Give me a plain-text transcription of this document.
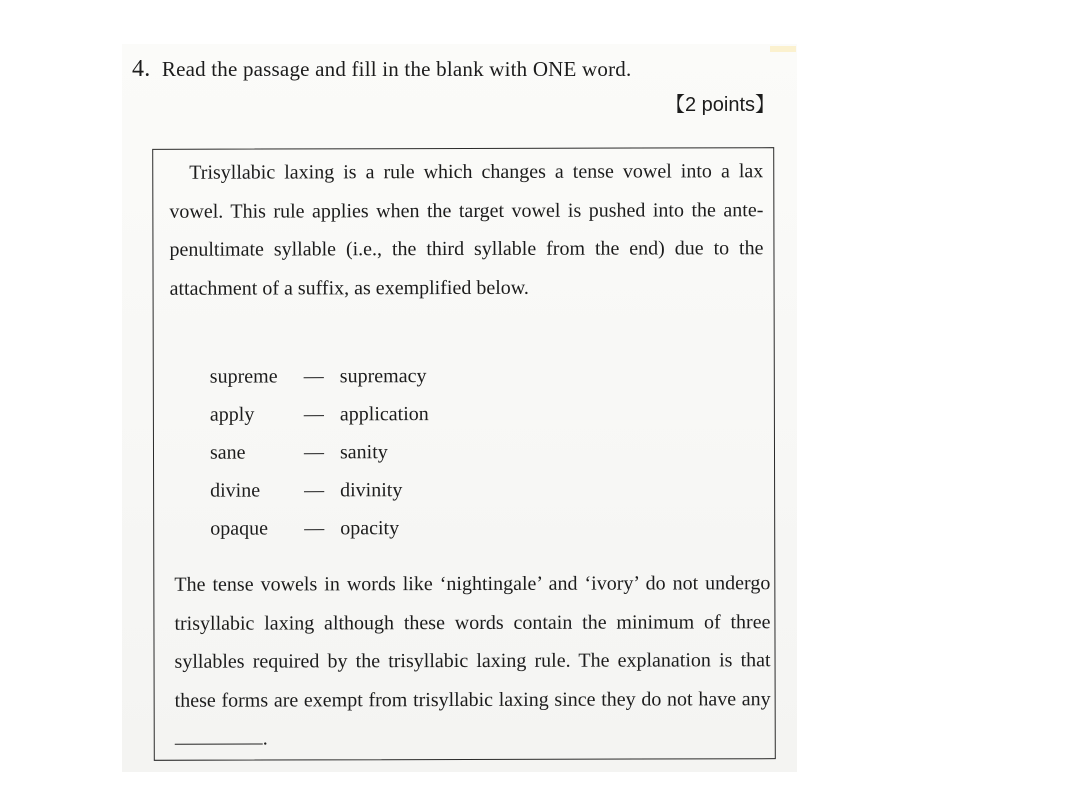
4. Read the passage and fill in the blank with ONE word.
【2 points】
Trisyllabic laxing is a rule which changes a tense vowel into a lax vowel. This rule applies when the target vowel is pushed into the ante-penultimate syllable (i.e., the third syllable from the end) due to the attachment of a suffix, as exemplified below.
supreme — supremacy
apply — application
sane	— sanity
divine — divinity
opaque — opacity
The tense vowels in words like ‘nightingale’ and ‘ivory’ do not undergo trisyllabic laxing although these words contain the minimum of three syllables required by the trisyllabic laxing rule. The explanation is that these forms are exempt from trisyllabic laxing since they do not have any .
